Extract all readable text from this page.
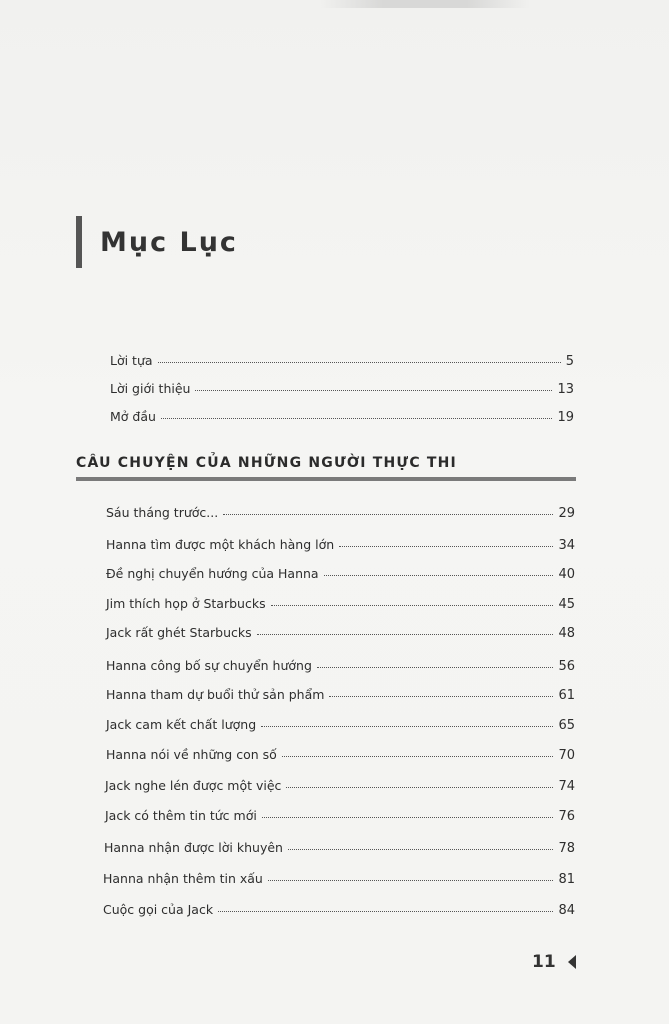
Mục Lục
Lời tựa	5
Lời giới thiệu	13
Mở đầu	19
CÂU CHUYỆN CỦA NHỮNG NGƯỜI THỰC THI
Sáu tháng trước...	29
Hanna tìm được một khách hàng lớn	34
Đề nghị chuyển hướng của Hanna	40
Jim thích họp ở Starbucks	45
Jack rất ghét Starbucks	48
Hanna công bố sự chuyển hướng	56
Hanna tham dự buổi thử sản phẩm	61
Jack cam kết chất lượng	65
Hanna nói về những con số	70
Jack nghe lén được một việc	74
Jack có thêm tin tức mới	76
Hanna nhận được lời khuyên	78
Hanna nhận thêm tin xấu	81
Cuộc gọi của Jack	84
11
